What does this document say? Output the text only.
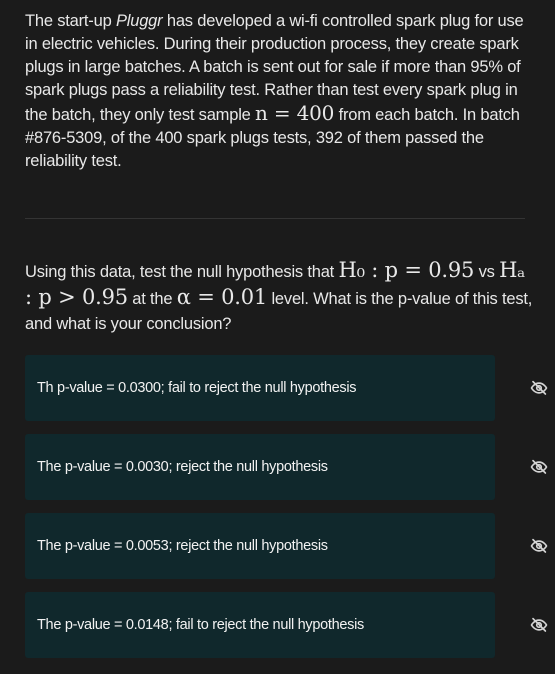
The start-up Pluggr has developed a wi-fi controlled spark plug for use in electric vehicles. During their production process, they create spark plugs in large batches. A batch is sent out for sale if more than 95% of spark plugs pass a reliability test. Rather than test every spark plug in the batch, they only test sample n = 400 from each batch. In batch #876-5309, of the 400 spark plugs tests, 392 of them passed the reliability test.
Using this data, test the null hypothesis that H₀ : p = 0.95 vs Hₐ : p > 0.95 at the α = 0.01 level. What is the p-value of this test, and what is your conclusion?
Th p-value = 0.0300; fail to reject the null hypothesis
The p-value = 0.0030; reject the null hypothesis
The p-value = 0.0053; reject the null hypothesis
The p-value = 0.0148; fail to reject the null hypothesis
